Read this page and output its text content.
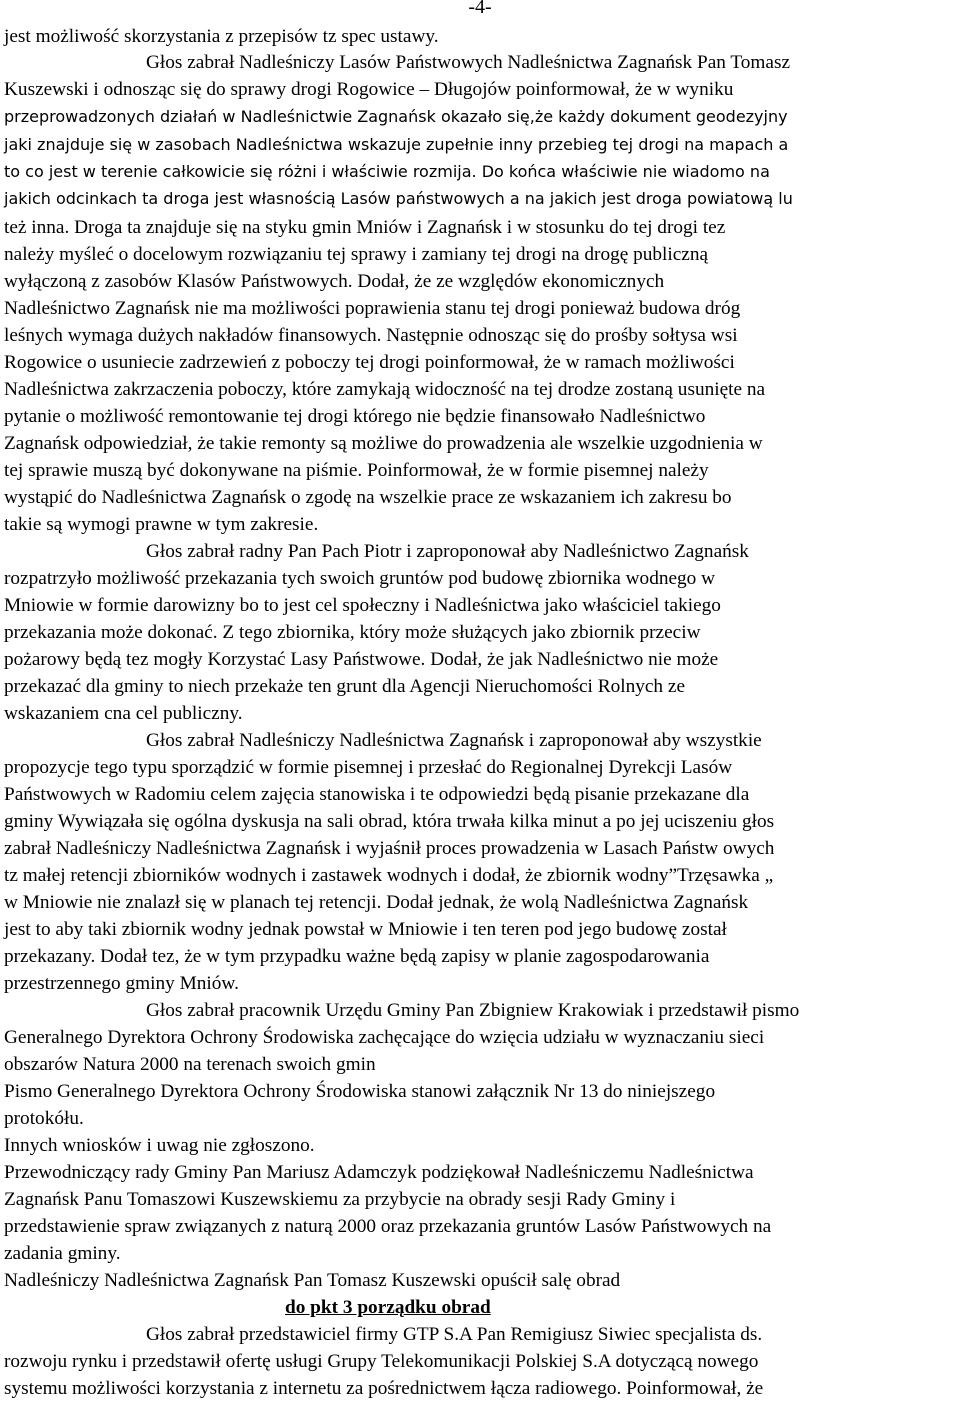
-4-
jest możliwość skorzystania z przepisów tz spec ustawy.
Głos zabrał Nadleśniczy Lasów Państwowych Nadleśnictwa Zagnańsk Pan Tomasz
Kuszewski i odnosząc się do sprawy drogi Rogowice – Długojów poinformował, że w wyniku
przeprowadzonych działań w Nadleśnictwie Zagnańsk okazało się,że każdy dokument geodezyjny
jaki znajduje się w zasobach Nadleśnictwa wskazuje zupełnie inny przebieg tej drogi na mapach a
to co jest w terenie całkowicie się różni i właściwie rozmija. Do końca właściwie nie wiadomo na
jakich odcinkach ta droga jest własnością Lasów państwowych a na jakich jest droga powiatową lu
też inna. Droga ta znajduje się na styku gmin Mniów i Zagnańsk i w stosunku do tej drogi tez
należy myśleć o docelowym rozwiązaniu tej sprawy i zamiany tej drogi na drogę publiczną
wyłączoną z zasobów Klasów Państwowych. Dodał, że ze względów ekonomicznych
Nadleśnictwo Zagnańsk nie ma możliwości poprawienia stanu tej drogi ponieważ budowa dróg
leśnych wymaga dużych nakładów finansowych. Następnie odnosząc się do prośby sołtysa wsi
Rogowice o usuniecie zadrzewień z poboczy tej drogi poinformował, że w ramach możliwości
Nadleśnictwa zakrzaczenia poboczy, które zamykają widoczność na tej drodze zostaną usunięte na
pytanie o możliwość remontowanie tej drogi którego nie będzie finansowało Nadleśnictwo
Zagnańsk odpowiedział, że takie remonty są możliwe do prowadzenia ale wszelkie uzgodnienia w
tej sprawie muszą być dokonywane na piśmie. Poinformował, że w formie pisemnej należy
wystąpić do Nadleśnictwa Zagnańsk o zgodę na wszelkie prace ze wskazaniem ich zakresu bo
takie są wymogi prawne w tym zakresie.
Głos zabrał radny Pan Pach Piotr i zaproponował aby Nadleśnictwo Zagnańsk
rozpatrzyło możliwość przekazania tych swoich gruntów pod budowę zbiornika wodnego w
Mniowie w formie darowizny bo to jest cel społeczny i Nadleśnictwa jako właściciel takiego
przekazania może dokonać. Z tego zbiornika, który może służących jako zbiornik przeciw
pożarowy będą tez mogły Korzystać Lasy Państwowe. Dodał, że jak Nadleśnictwo nie może
przekazać dla gminy to niech przekaże ten grunt dla Agencji Nieruchomości Rolnych ze
wskazaniem cna cel publiczny.
Głos zabrał Nadleśniczy Nadleśnictwa Zagnańsk i zaproponował aby wszystkie
propozycje tego typu sporządzić w formie pisemnej i przesłać do Regionalnej Dyrekcji Lasów
Państwowych w Radomiu celem zajęcia stanowiska i te odpowiedzi będą pisanie przekazane dla
gminy Wywiązała się ogólna dyskusja na sali obrad, która trwała kilka minut a po jej uciszeniu głos
zabrał Nadleśniczy Nadleśnictwa Zagnańsk i wyjaśnił proces prowadzenia w Lasach Państw owych
tz małej retencji zbiorników wodnych i zastawek wodnych i dodał, że zbiornik wodny”Trzęsawka „
w Mniowie nie znalazł się w planach tej retencji. Dodał jednak, że wolą Nadleśnictwa Zagnańsk
jest to aby taki zbiornik wodny jednak powstał w Mniowie i ten teren pod jego budowę został
przekazany. Dodał tez, że w tym przypadku ważne będą zapisy w planie zagospodarowania
przestrzennego gminy Mniów.
Głos zabrał pracownik Urzędu Gminy Pan Zbigniew Krakowiak i przedstawił pismo
Generalnego Dyrektora Ochrony Środowiska zachęcające do wzięcia udziału w wyznaczaniu sieci
obszarów Natura 2000 na terenach swoich gmin
Pismo Generalnego Dyrektora Ochrony Środowiska stanowi załącznik Nr 13 do niniejszego
protokółu.
Innych wniosków i uwag nie zgłoszono.
Przewodniczący rady Gminy Pan Mariusz Adamczyk podziękował Nadleśniczemu Nadleśnictwa
Zagnańsk Panu Tomaszowi Kuszewskiemu za przybycie na obrady sesji Rady Gminy i
przedstawienie spraw związanych z naturą 2000 oraz przekazania gruntów Lasów Państwowych na
zadania gminy.
Nadleśniczy Nadleśnictwa Zagnańsk Pan Tomasz Kuszewski opuścił salę obrad
do pkt 3 porządku obrad
Głos zabrał przedstawiciel firmy GTP S.A Pan Remigiusz Siwiec specjalista ds.
rozwoju rynku i przedstawił ofertę usługi Grupy Telekomunikacji Polskiej S.A dotyczącą nowego
systemu możliwości korzystania z internetu za pośrednictwem łącza radiowego. Poinformował, że
